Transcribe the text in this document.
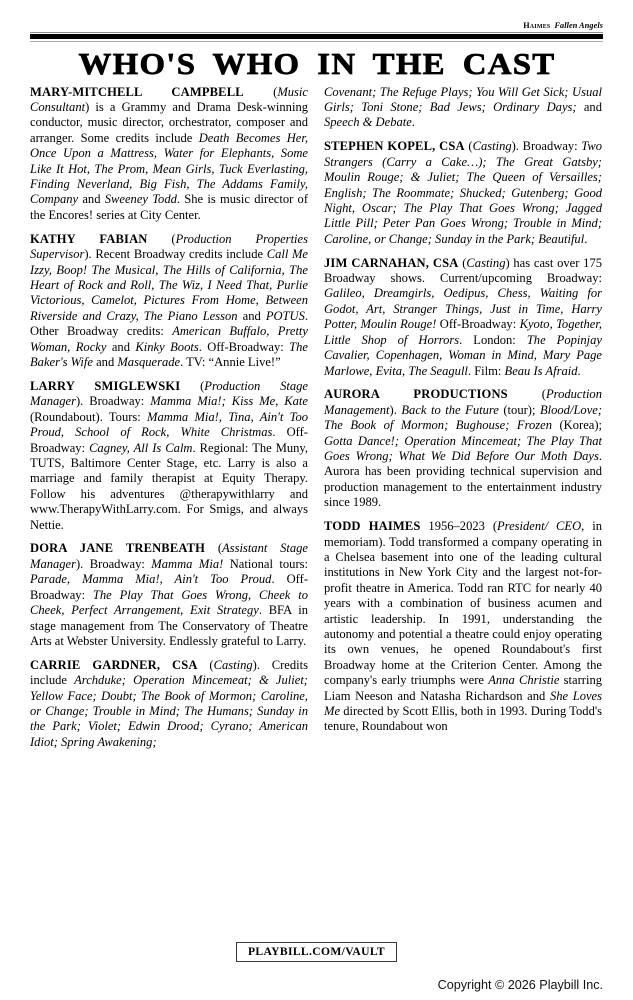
Haimes Fallen Angels
WHO'S WHO IN THE CAST

MARY-MITCHELL CAMPBELL (Music Consultant) is a Grammy and Drama Desk-winning conductor, music director, orchestrator, composer and arranger. Some credits include Death Becomes Her, Once Upon a Mattress, Water for Elephants, Some Like It Hot, The Prom, Mean Girls, Tuck Everlasting, Finding Neverland, Big Fish, The Addams Family, Company and Sweeney Todd. She is music director of the Encores! series at City Center.

KATHY FABIAN (Production Properties Supervisor). Recent Broadway credits include Call Me Izzy, Boop! The Musical, The Hills of California, The Heart of Rock and Roll, The Wiz, I Need That, Purlie Victorious, Camelot, Pictures From Home, Between Riverside and Crazy, The Piano Lesson and POTUS. Other Broadway credits: American Buffalo, Pretty Woman, Rocky and Kinky Boots. Off-Broadway: The Baker's Wife and Masquerade. TV: “Annie Live!”

LARRY SMIGLEWSKI (Production Stage Manager). Broadway: Mamma Mia!; Kiss Me, Kate (Roundabout). Tours: Mamma Mia!, Tina, Ain't Too Proud, School of Rock, White Christmas. Off-Broadway: Cagney, All Is Calm. Regional: The Muny, TUTS, Baltimore Center Stage, etc. Larry is also a marriage and family therapist at Equity Therapy. Follow his adventures @therapywithlarry and www.TherapyWithLarry.com. For Smigs, and always Nettie.

DORA JANE TRENBEATH (Assistant Stage Manager). Broadway: Mamma Mia! National tours: Parade, Mamma Mia!, Ain't Too Proud. Off-Broadway: The Play That Goes Wrong, Cheek to Cheek, Perfect Arrangement, Exit Strategy. BFA in stage management from The Conservatory of Theatre Arts at Webster University. Endlessly grateful to Larry.

CARRIE GARDNER, CSA (Casting). Credits include Archduke; Operation Mincemeat; & Juliet; Yellow Face; Doubt; The Book of Mormon; Caroline, or Change; Trouble in Mind; The Humans; Sunday in the Park; Violet; Edwin Drood; Cyrano; American Idiot; Spring Awakening;

Covenant; The Refuge Plays; You Will Get Sick; Usual Girls; Toni Stone; Bad Jews; Ordinary Days; and Speech & Debate.

STEPHEN KOPEL, CSA (Casting). Broadway: Two Strangers (Carry a Cake…); The Great Gatsby; Moulin Rouge; & Juliet; The Queen of Versailles; English; The Roommate; Shucked; Gutenberg; Good Night, Oscar; The Play That Goes Wrong; Jagged Little Pill; Peter Pan Goes Wrong; Trouble in Mind; Caroline, or Change; Sunday in the Park; Beautiful.

JIM CARNAHAN, CSA (Casting) has cast over 175 Broadway shows. Current/upcoming Broadway: Galileo, Dreamgirls, Oedipus, Chess, Waiting for Godot, Art, Stranger Things, Just in Time, Harry Potter, Moulin Rouge! Off-Broadway: Kyoto, Together, Little Shop of Horrors. London: The Popinjay Cavalier, Copenhagen, Woman in Mind, Mary Page Marlowe, Evita, The Seagull. Film: Beau Is Afraid.

AURORA PRODUCTIONS (Production Management). Back to the Future (tour); Blood/Love; The Book of Mormon; Bughouse; Frozen (Korea); Gotta Dance!; Operation Mincemeat; The Play That Goes Wrong; What We Did Before Our Moth Days. Aurora has been providing technical supervision and production management to the entertainment industry since 1989.

TODD HAIMES 1956–2023 (President/ CEO, in memoriam). Todd transformed a company operating in a Chelsea basement into one of the leading cultural institutions in New York City and the largest not-for-profit theatre in America. Todd ran RTC for nearly 40 years with a combination of business acumen and artistic leadership. In 1991, understanding the autonomy and potential a theatre could enjoy operating its own venues, he opened Roundabout's first Broadway home at the Criterion Center. Among the company's early triumphs were Anna Christie starring Liam Neeson and Natasha Richardson and She Loves Me directed by Scott Ellis, both in 1993. During Todd's tenure, Roundabout won

PLAYBILL.COM/VAULT
Copyright © 2026 Playbill Inc.
